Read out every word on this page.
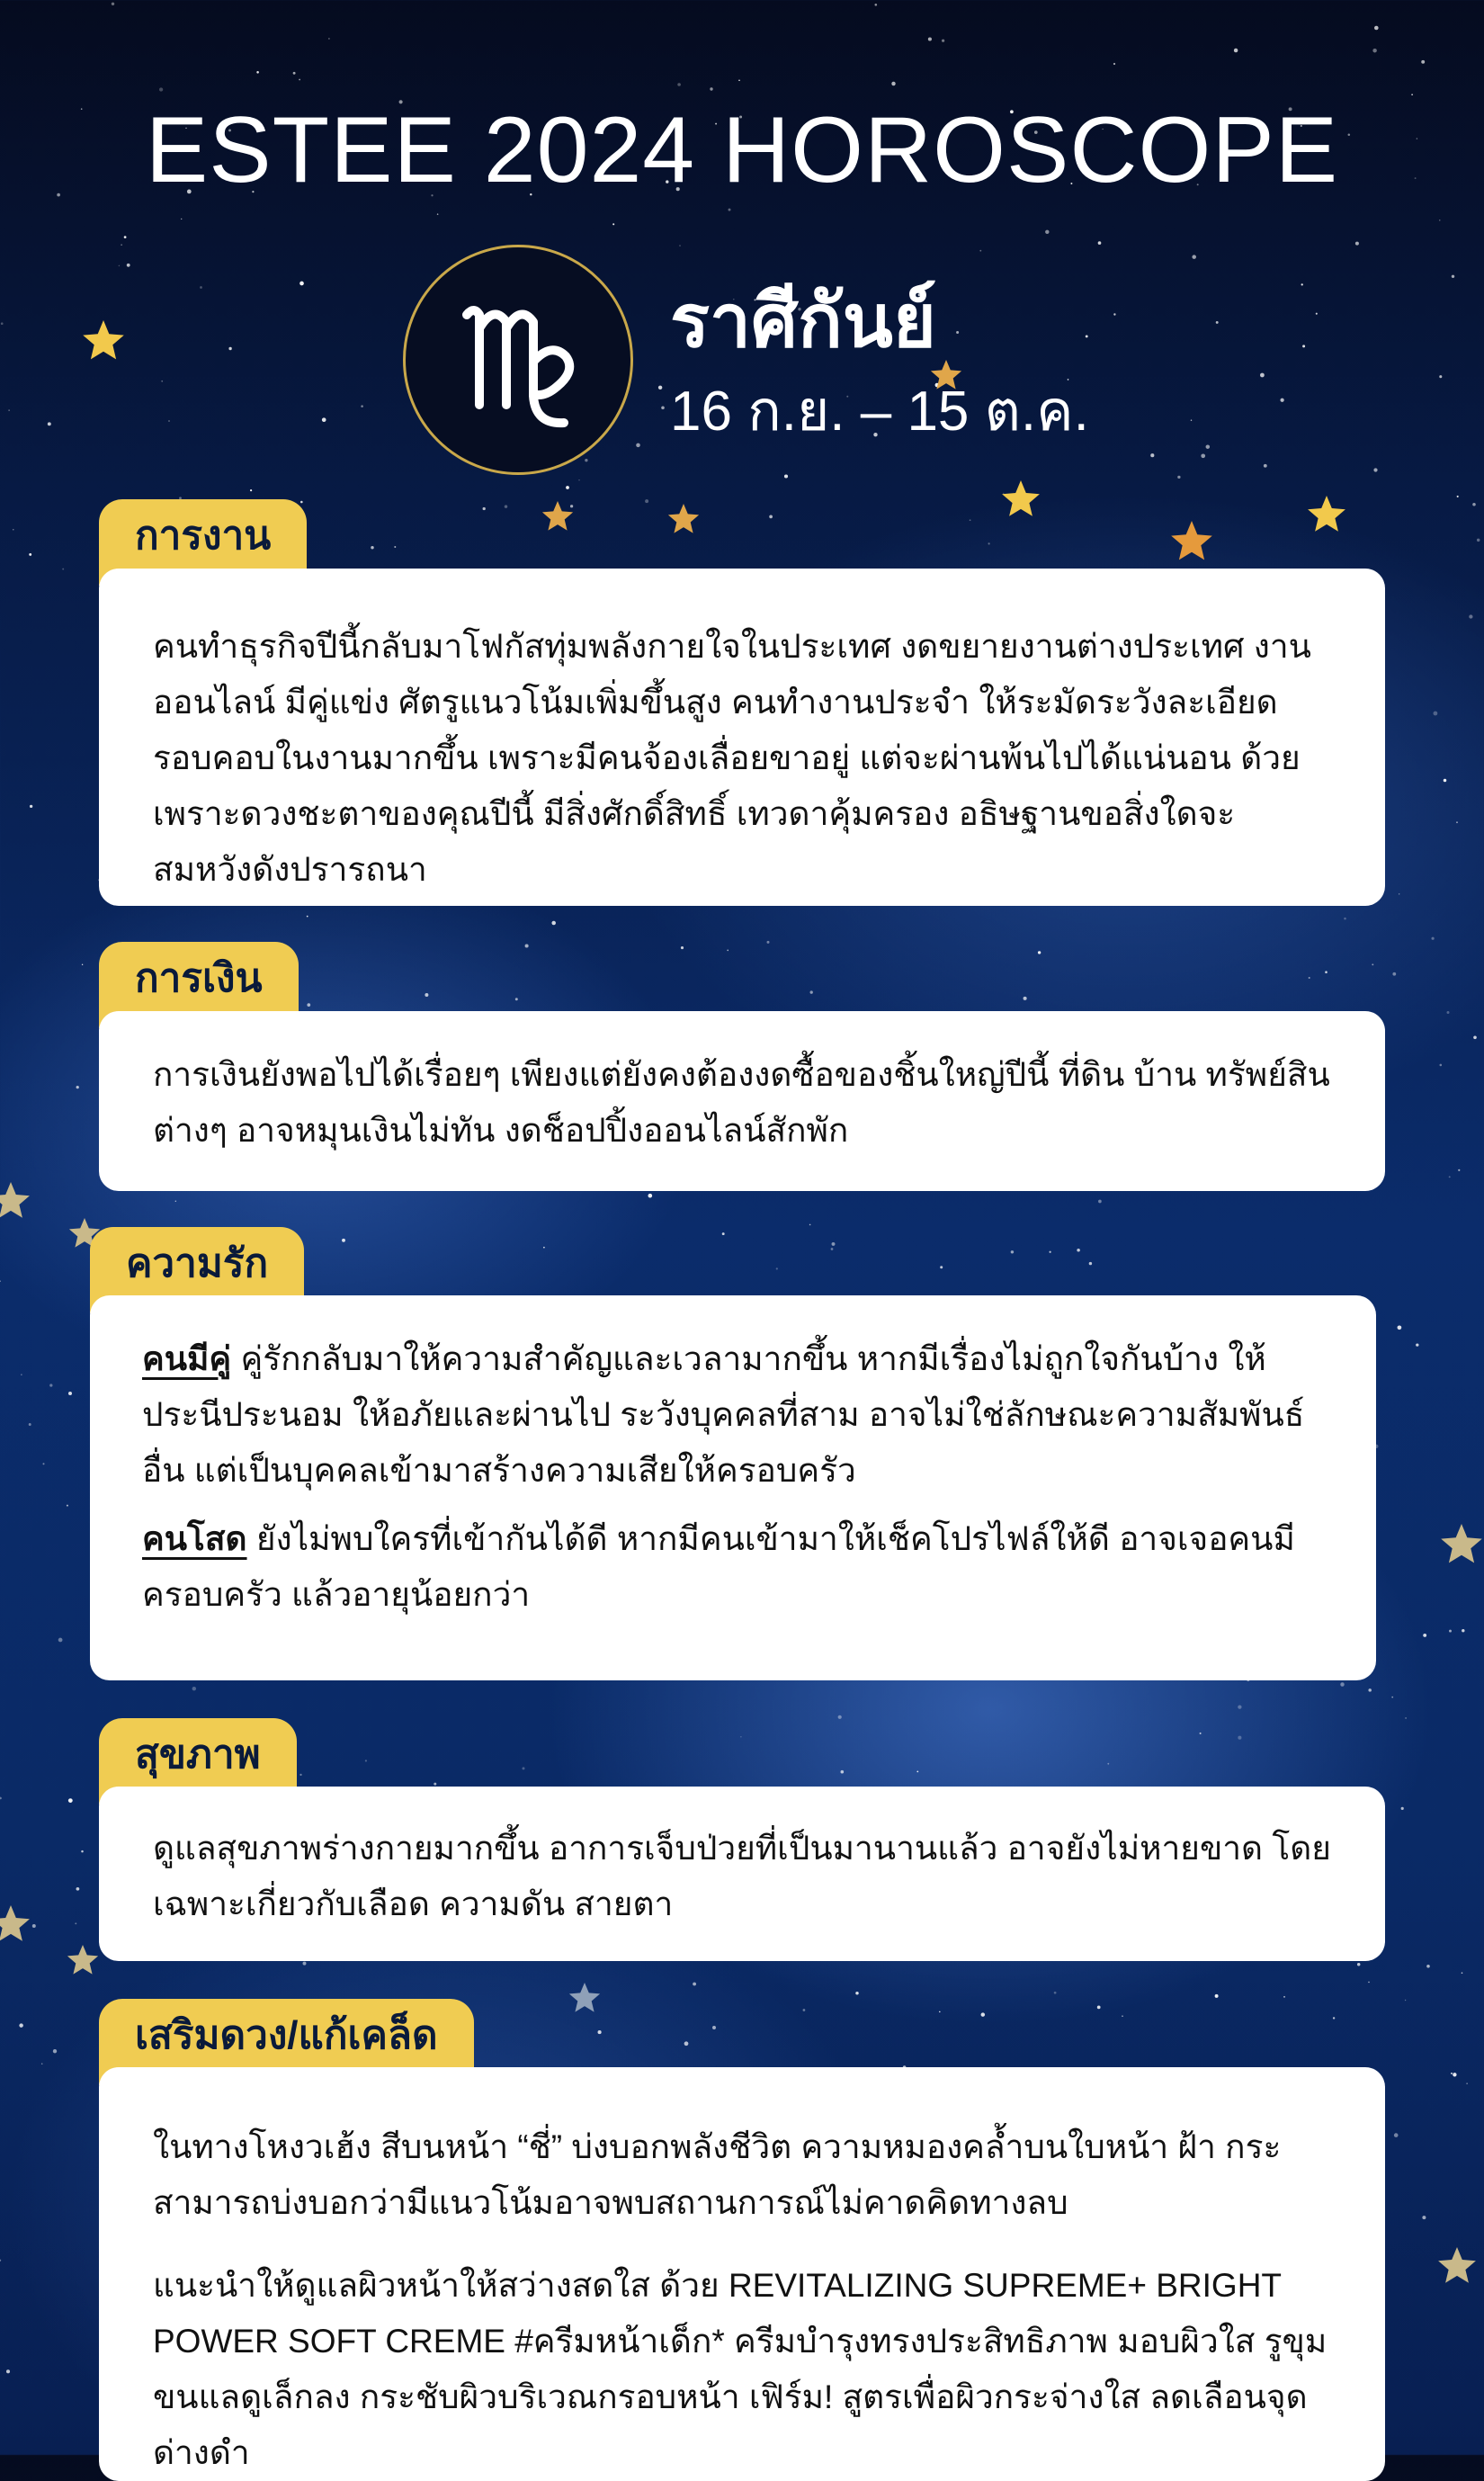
ESTEE 2024 HOROSCOPE
ราศีกันย์
16 ก.ย. – 15 ต.ค.
การงาน

คนทำธุรกิจปีนี้กลับมาโฟกัสทุ่มพลังกายใจในประเทศ งดขยายงานต่างประเทศ งานออนไลน์ มีคู่แข่ง ศัตรูแนวโน้มเพิ่มขึ้นสูง คนทำงานประจำ ให้ระมัดระวังละเอียดรอบคอบในงานมากขึ้น เพราะมีคนจ้องเลื่อยขาอยู่ แต่จะผ่านพ้นไปได้แน่นอน ด้วยเพราะดวงชะตาของคุณปีนี้ มีสิ่งศักดิ์สิทธิ์ เทวดาคุ้มครอง อธิษฐานขอสิ่งใดจะสมหวังดังปรารถนา

การเงิน

การเงินยังพอไปได้เรื่อยๆ เพียงแต่ยังคงต้องงดซื้อของชิ้นใหญ่ปีนี้ ที่ดิน บ้าน ทรัพย์สินต่างๆ อาจหมุนเงินไม่ทัน งดช็อปปิ้งออนไลน์สักพัก

ความรัก

คนมีคู่ คู่รักกลับมาให้ความสำคัญและเวลามากขึ้น หากมีเรื่องไม่ถูกใจกันบ้าง ให้ประนีประนอม ให้อภัยและผ่านไป ระวังบุคคลที่สาม อาจไม่ใช่ลักษณะความสัมพันธ์อื่น แต่เป็นบุคคลเข้ามาสร้างความเสียให้ครอบครัว

คนโสด ยังไม่พบใครที่เข้ากันได้ดี หากมีคนเข้ามาให้เช็คโปรไฟล์ให้ดี อาจเจอคนมีครอบครัว แล้วอายุน้อยกว่า

สุขภาพ

ดูแลสุขภาพร่างกายมากขึ้น อาการเจ็บป่วยที่เป็นมานานแล้ว อาจยังไม่หายขาด โดยเฉพาะเกี่ยวกับเลือด ความดัน สายตา

เสริมดวง/แก้เคล็ด

ในทางโหงวเฮ้ง สีบนหน้า “ชี่” บ่งบอกพลังชีวิต ความหมองคล้ำบนใบหน้า ฝ้า กระ สามารถบ่งบอกว่ามีแนวโน้มอาจพบสถานการณ์ไม่คาดคิดทางลบ

แนะนำให้ดูแลผิวหน้าให้สว่างสดใส ด้วย REVITALIZING SUPREME+ BRIGHT POWER SOFT CREME #ครีมหน้าเด็ก* ครีมบำรุงทรงประสิทธิภาพ มอบผิวใส รูขุมขนแลดูเล็กลง กระชับผิวบริเวณกรอบหน้า เฟิร์ม! สูตรเพื่อผิวกระจ่างใส ลดเลือนจุดด่างดำ
